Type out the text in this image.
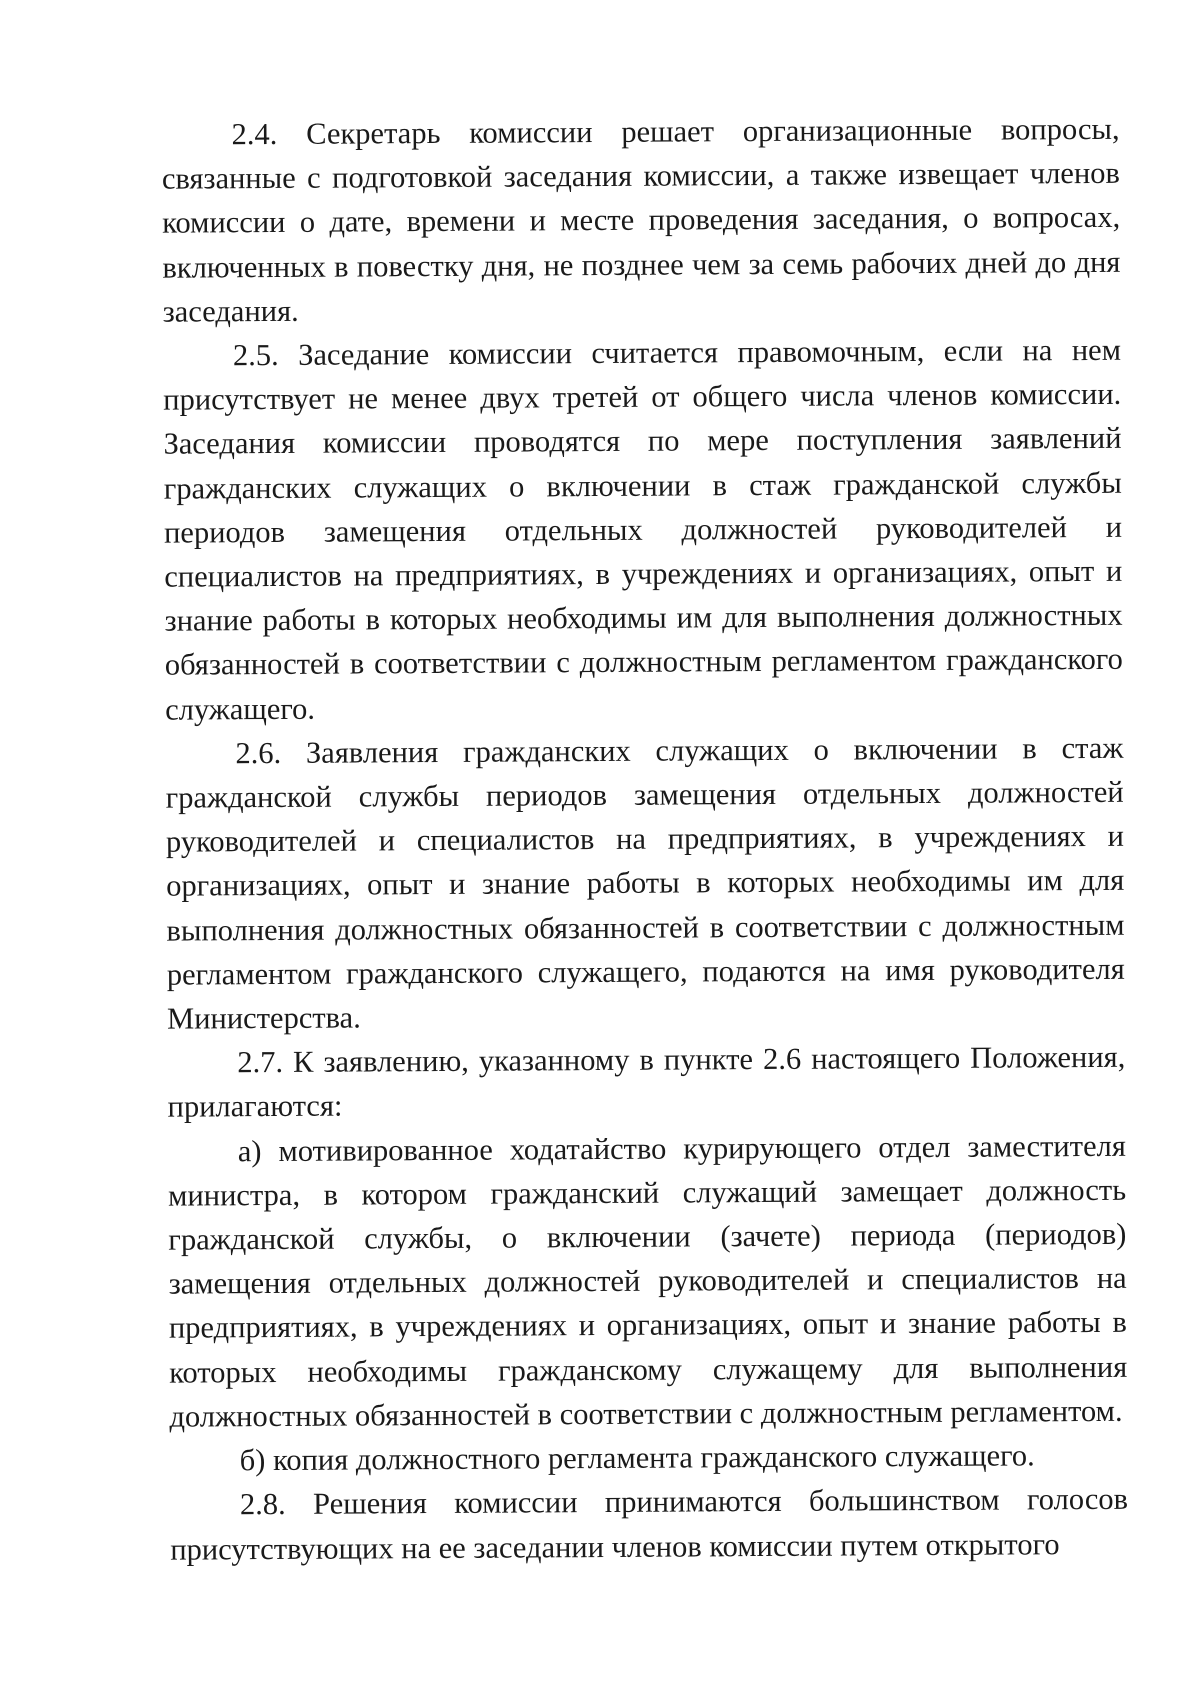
2.4. Секретарь комиссии решает организационные вопросы, связанные с подготовкой заседания комиссии, а также извещает членов комиссии о дате, времени и месте проведения заседания, о вопросах, включенных в повестку дня, не позднее чем за семь рабочих дней до дня заседания.

2.5. Заседание комиссии считается правомочным, если на нем присутствует не менее двух третей от общего числа членов комиссии. Заседания комиссии проводятся по мере поступления заявлений гражданских служащих о включении в стаж гражданской службы периодов замещения отдельных должностей руководителей и специалистов на предприятиях, в учреждениях и организациях, опыт и знание работы в которых необходимы им для выполнения должностных обязанностей в соответствии с должностным регламентом гражданского служащего.

2.6. Заявления гражданских служащих о включении в стаж гражданской службы периодов замещения отдельных должностей руководителей и специалистов на предприятиях, в учреждениях и организациях, опыт и знание работы в которых необходимы им для выполнения должностных обязанностей в соответствии с должностным регламентом гражданского служащего, подаются на имя руководителя Министерства.

2.7. К заявлению, указанному в пункте 2.6 настоящего Положения, прилагаются:

а) мотивированное ходатайство курирующего отдел заместителя министра, в котором гражданский служащий замещает должность гражданской службы, о включении (зачете) периода (периодов) замещения отдельных должностей руководителей и специалистов на предприятиях, в учреждениях и организациях, опыт и знание работы в которых необходимы гражданскому служащему для выполнения должностных обязанностей в соответствии с должностным регламентом.

б) копия должностного регламента гражданского служащего.

2.8. Решения комиссии принимаются большинством голосов присутствующих на ее заседании членов комиссии путем открытого
